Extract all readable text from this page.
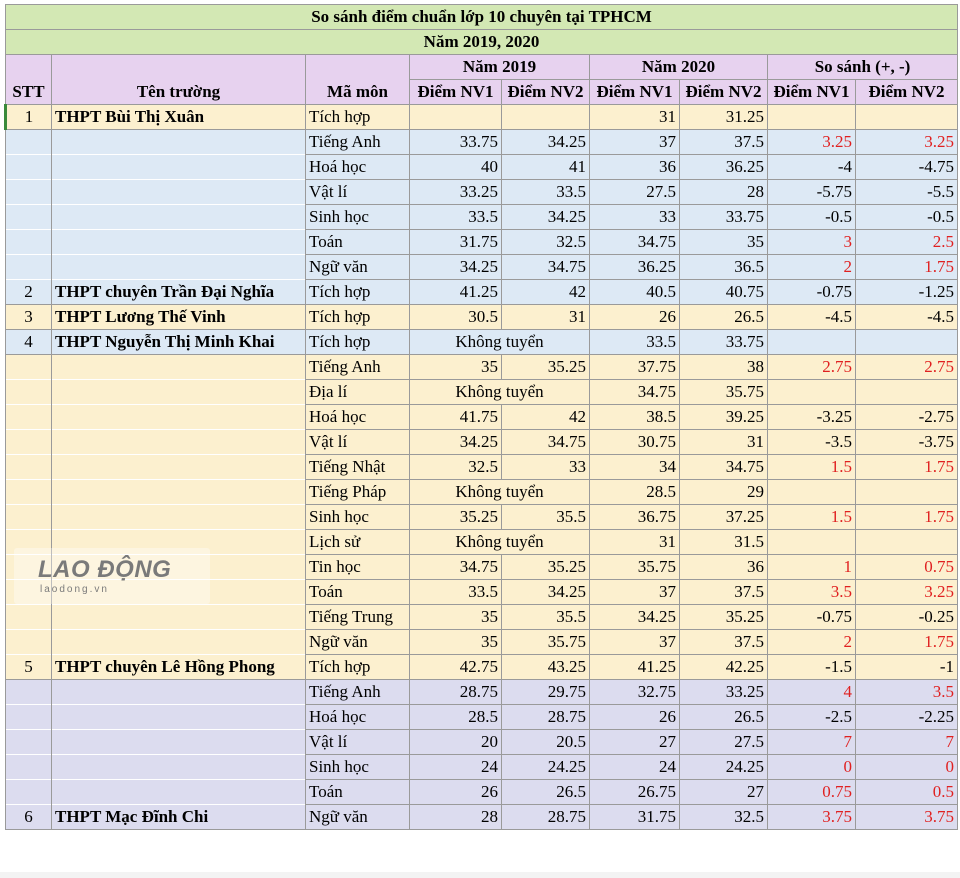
So sánh điểm chuẩn lớp 10 chuyên tại TPHCM								
Năm 2019, 2020								
STT	Tên trường	Mã môn	Năm 2019		Năm 2020		So sánh (+, -)	
			Điểm NV1	Điểm NV2	Điểm NV1	Điểm NV2	Điểm NV1	Điểm NV2
1	THPT Bùi Thị Xuân	Tích hợp			31	31.25		
		Tiếng Anh	33.75	34.25	37	37.5	3.25	3.25
		Hoá học	40	41	36	36.25	-4	-4.75
		Vật lí	33.25	33.5	27.5	28	-5.75	-5.5
		Sinh học	33.5	34.25	33	33.75	-0.5	-0.5
		Toán	31.75	32.5	34.75	35	3	2.5
		Ngữ văn	34.25	34.75	36.25	36.5	2	1.75
2	THPT chuyên Trần Đại Nghĩa	Tích hợp	41.25	42	40.5	40.75	-0.75	-1.25
3	THPT Lương Thế Vinh	Tích hợp	30.5	31	26	26.5	-4.5	-4.5
4	THPT Nguyễn Thị Minh Khai	Tích hợp	Không tuyển		33.5	33.75		
		Tiếng Anh	35	35.25	37.75	38	2.75	2.75
		Địa lí	Không tuyển		34.75	35.75		
		Hoá học	41.75	42	38.5	39.25	-3.25	-2.75
		Vật lí	34.25	34.75	30.75	31	-3.5	-3.75
		Tiếng Nhật	32.5	33	34	34.75	1.5	1.75
		Tiếng Pháp	Không tuyển		28.5	29		
		Sinh học	35.25	35.5	36.75	37.25	1.5	1.75
		Lịch sử	Không tuyển		31	31.5		
		Tin học	34.75	35.25	35.75	36	1	0.75
		Toán	33.5	34.25	37	37.5	3.5	3.25
		Tiếng Trung	35	35.5	34.25	35.25	-0.75	-0.25
		Ngữ văn	35	35.75	37	37.5	2	1.75
5	THPT chuyên Lê Hồng Phong	Tích hợp	42.75	43.25	41.25	42.25	-1.5	-1
		Tiếng Anh	28.75	29.75	32.75	33.25	4	3.5
		Hoá học	28.5	28.75	26	26.5	-2.5	-2.25
		Vật lí	20	20.5	27	27.5	7	7
		Sinh học	24	24.25	24	24.25	0	0
		Toán	26	26.5	26.75	27	0.75	0.5
6	THPT Mạc Đĩnh Chi	Ngữ văn	28	28.75	31.75	32.5	3.75	3.75
LAO ĐỘNG
laodong.vn
